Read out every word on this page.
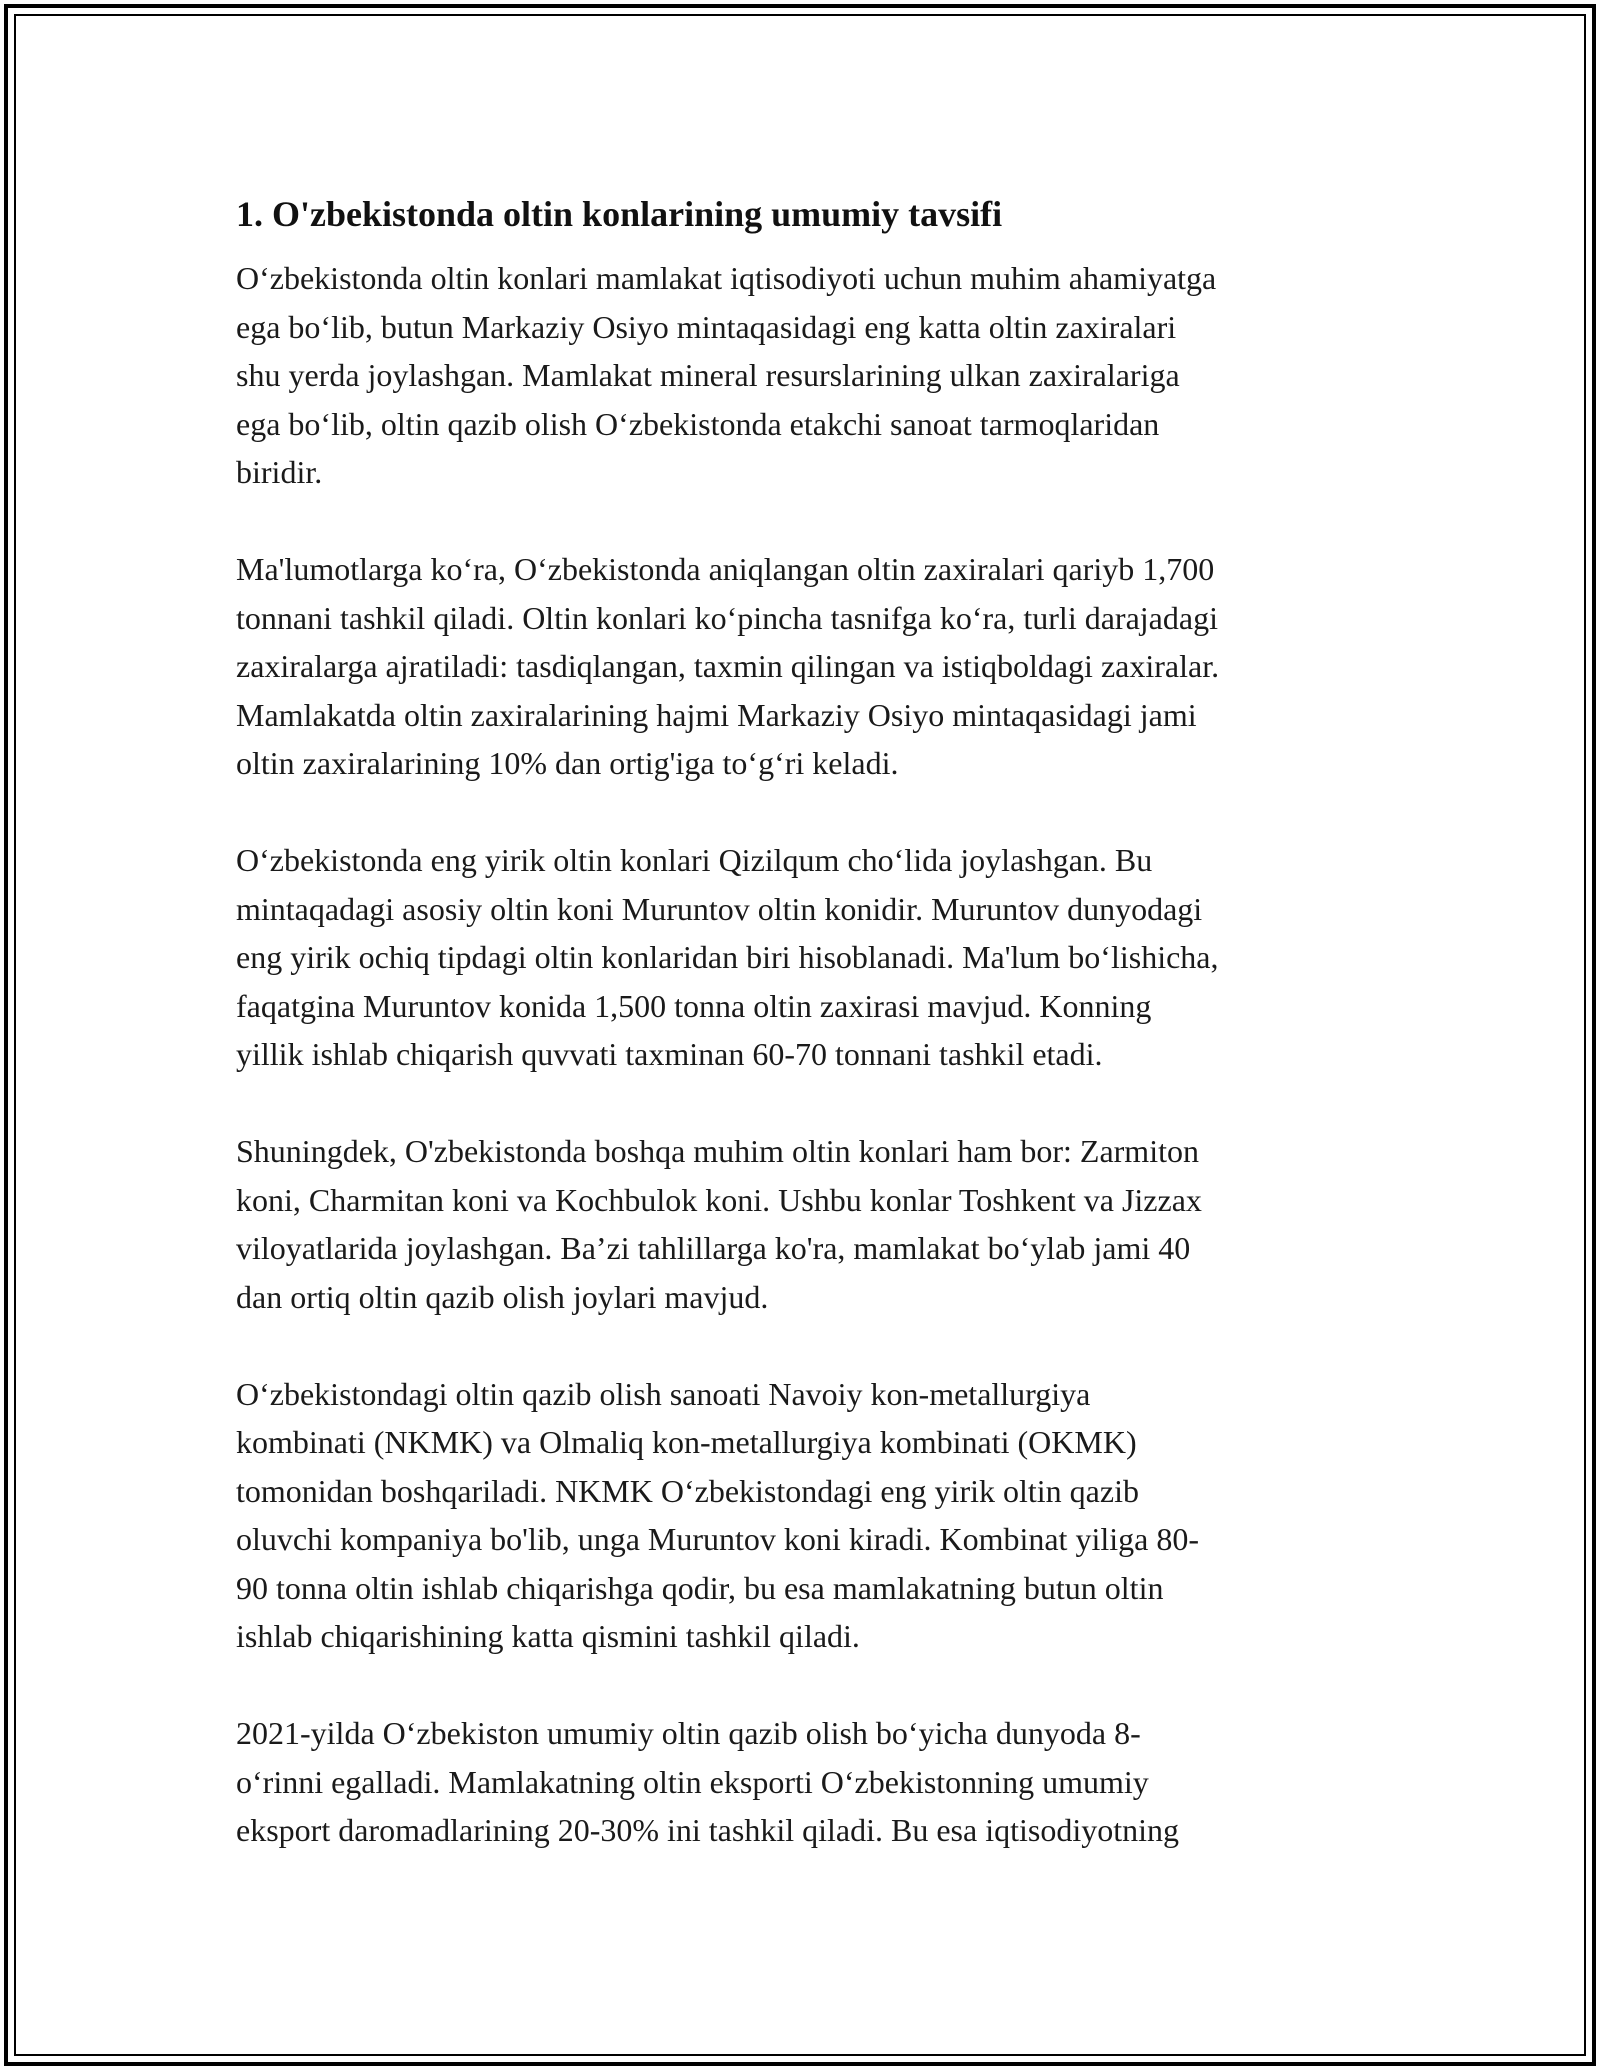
1. O'zbekistonda oltin konlarining umumiy tavsifi
O‘zbekistonda oltin konlari mamlakat iqtisodiyoti uchun muhim ahamiyatga
ega bo‘lib, butun Markaziy Osiyo mintaqasidagi eng katta oltin zaxiralari
shu yerda joylashgan. Mamlakat mineral resurslarining ulkan zaxiralariga
ega bo‘lib, oltin qazib olish O‘zbekistonda etakchi sanoat tarmoqlaridan
biridir.
Ma'lumotlarga ko‘ra, O‘zbekistonda aniqlangan oltin zaxiralari qariyb 1,700
tonnani tashkil qiladi. Oltin konlari ko‘pincha tasnifga ko‘ra, turli darajadagi
zaxiralarga ajratiladi: tasdiqlangan, taxmin qilingan va istiqboldagi zaxiralar.
Mamlakatda oltin zaxiralarining hajmi Markaziy Osiyo mintaqasidagi jami
oltin zaxiralarining 10% dan ortig'iga to‘g‘ri keladi.
O‘zbekistonda eng yirik oltin konlari Qizilqum cho‘lida joylashgan. Bu
mintaqadagi asosiy oltin koni Muruntov oltin konidir. Muruntov dunyodagi
eng yirik ochiq tipdagi oltin konlaridan biri hisoblanadi. Ma'lum bo‘lishicha,
faqatgina Muruntov konida 1,500 tonna oltin zaxirasi mavjud. Konning
yillik ishlab chiqarish quvvati taxminan 60-70 tonnani tashkil etadi.
Shuningdek, O'zbekistonda boshqa muhim oltin konlari ham bor: Zarmiton
koni, Charmitan koni va Kochbulok koni. Ushbu konlar Toshkent va Jizzax
viloyatlarida joylashgan. Ba’zi tahlillarga ko'ra, mamlakat bo‘ylab jami 40
dan ortiq oltin qazib olish joylari mavjud.
O‘zbekistondagi oltin qazib olish sanoati Navoiy kon-metallurgiya
kombinati (NKMK) va Olmaliq kon-metallurgiya kombinati (OKMK)
tomonidan boshqariladi. NKMK O‘zbekistondagi eng yirik oltin qazib
oluvchi kompaniya bo'lib, unga Muruntov koni kiradi. Kombinat yiliga 80-
90 tonna oltin ishlab chiqarishga qodir, bu esa mamlakatning butun oltin
ishlab chiqarishining katta qismini tashkil qiladi.
2021-yilda O‘zbekiston umumiy oltin qazib olish bo‘yicha dunyoda 8-
o‘rinni egalladi. Mamlakatning oltin eksporti O‘zbekistonning umumiy
eksport daromadlarining 20-30% ini tashkil qiladi. Bu esa iqtisodiyotning
